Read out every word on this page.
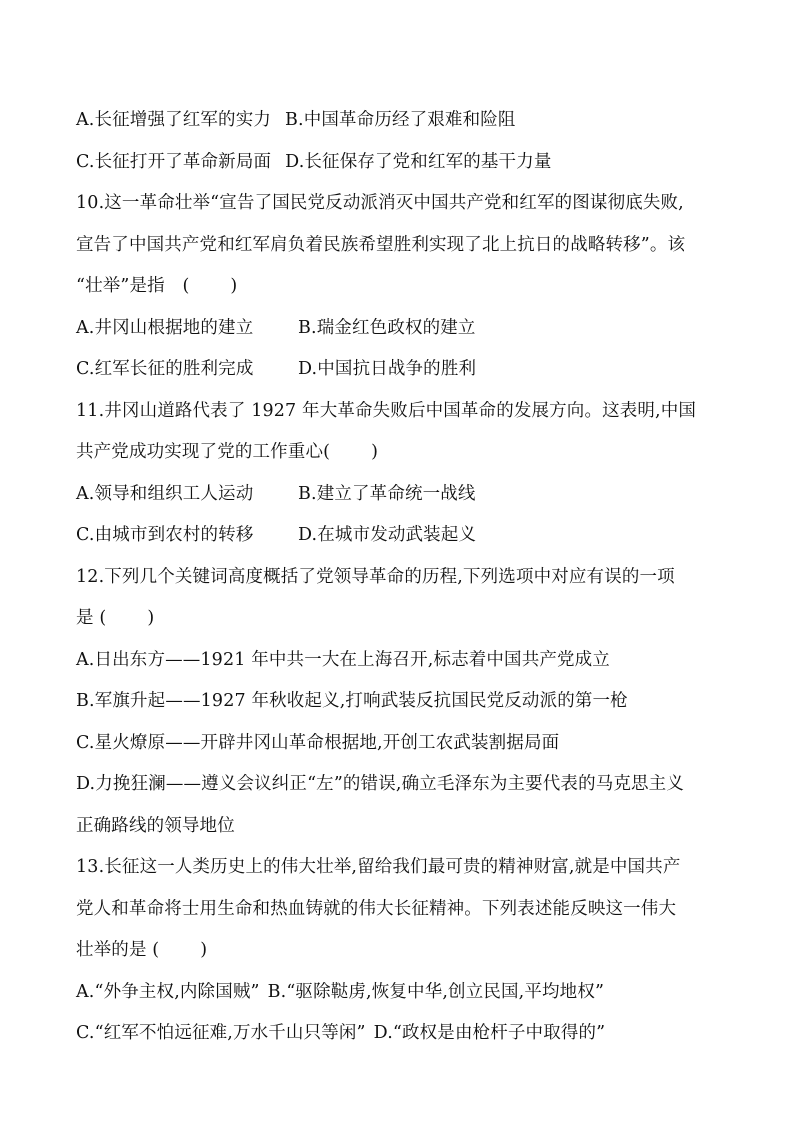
A.长征增强了红军的实力 B.中国革命历经了艰难和险阻
C.长征打开了革命新局面 D.长征保存了党和红军的基干力量
10.这一革命壮举“宣告了国民党反动派消灭中国共产党和红军的图谋彻底失败,
宣告了中国共产党和红军肩负着民族希望胜利实现了北上抗日的战略转移”。该
“壮举”是指　(　　 )
A.井冈山根据地的建立	B.瑞金红色政权的建立
C.红军长征的胜利完成	D.中国抗日战争的胜利
11.井冈山道路代表了 1927 年大革命失败后中国革命的发展方向。这表明,中国
共产党成功实现了党的工作重心(　　 )
A.领导和组织工人运动	B.建立了革命统一战线
C.由城市到农村的转移	D.在城市发动武装起义
12.下列几个关键词高度概括了党领导革命的历程,下列选项中对应有误的一项
是 (　　 )
A.日出东方——1921 年中共一大在上海召开,标志着中国共产党成立
B.军旗升起——1927 年秋收起义,打响武装反抗国民党反动派的第一枪
C.星火燎原——开辟井冈山革命根据地,开创工农武装割据局面
D.力挽狂澜——遵义会议纠正“左”的错误,确立毛泽东为主要代表的马克思主义
正确路线的领导地位
13.长征这一人类历史上的伟大壮举,留给我们最可贵的精神财富,就是中国共产
党人和革命将士用生命和热血铸就的伟大长征精神。下列表述能反映这一伟大
壮举的是 (　　 )
A.“外争主权,内除国贼” B.“驱除鞑虏,恢复中华,创立民国,平均地权”
C.“红军不怕远征难,万水千山只等闲” D.“政权是由枪杆子中取得的”
